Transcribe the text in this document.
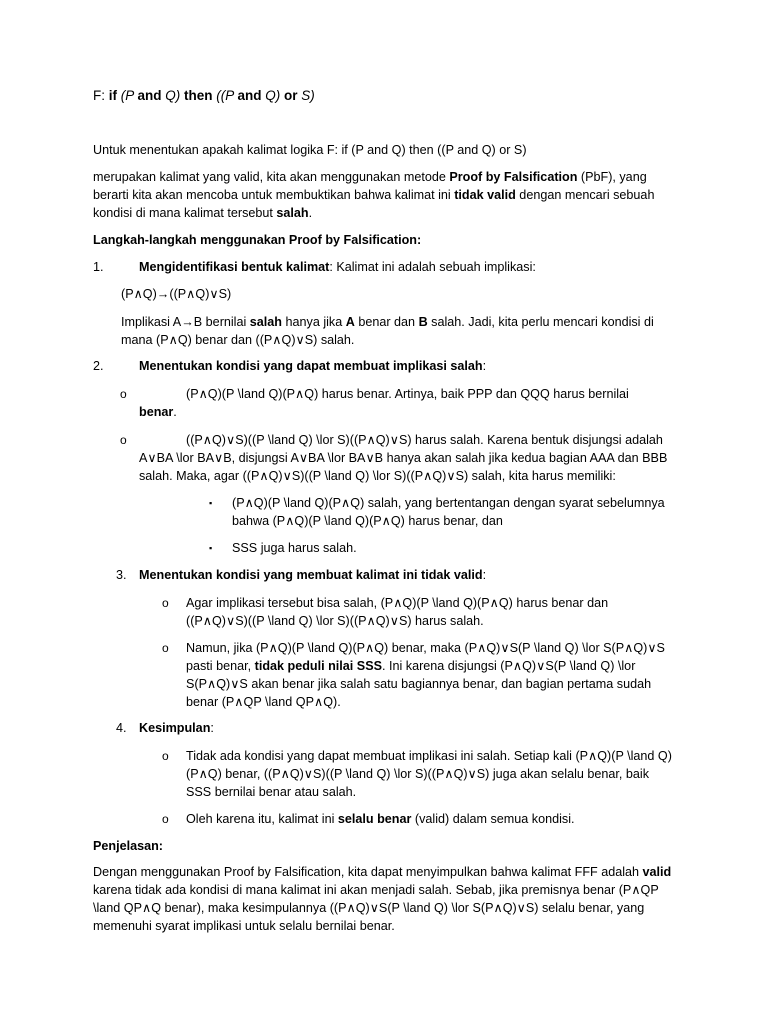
F: if (P and Q) then ((P and Q) or S)
Untuk menentukan apakah kalimat logika F: if (P and Q) then ((P and Q) or S)
merupakan kalimat yang valid, kita akan menggunakan metode Proof by Falsification (PbF), yang berarti kita akan mencoba untuk membuktikan bahwa kalimat ini tidak valid dengan mencari sebuah kondisi di mana kalimat tersebut salah.
Langkah-langkah menggunakan Proof by Falsification:
1.	Mengidentifikasi bentuk kalimat: Kalimat ini adalah sebuah implikasi:
(P∧Q)→((P∧Q)∨S)
Implikasi A→B bernilai salah hanya jika A benar dan B salah. Jadi, kita perlu mencari kondisi di mana (P∧Q) benar dan ((P∧Q)∨S) salah.
2.	Menentukan kondisi yang dapat membuat implikasi salah:
o	(P∧Q)(P \land Q)(P∧Q) harus benar. Artinya, baik PPP dan QQQ harus bernilai benar.
o	((P∧Q)∨S)((P \land Q) \lor S)((P∧Q)∨S) harus salah. Karena bentuk disjungsi adalah A∨BA \lor BA∨B, disjungsi A∨BA \lor BA∨B hanya akan salah jika kedua bagian AAA dan BBB salah. Maka, agar ((P∧Q)∨S)((P \land Q) \lor S)((P∧Q)∨S) salah, kita harus memiliki:
▪ (P∧Q)(P \land Q)(P∧Q) salah, yang bertentangan dengan syarat sebelumnya bahwa (P∧Q)(P \land Q)(P∧Q) harus benar, dan
▪ SSS juga harus salah.
3. Menentukan kondisi yang membuat kalimat ini tidak valid:
o Agar implikasi tersebut bisa salah, (P∧Q)(P \land Q)(P∧Q) harus benar dan ((P∧Q)∨S)((P \land Q) \lor S)((P∧Q)∨S) harus salah.
o Namun, jika (P∧Q)(P \land Q)(P∧Q) benar, maka (P∧Q)∨S(P \land Q) \lor S(P∧Q)∨S pasti benar, tidak peduli nilai SSS. Ini karena disjungsi (P∧Q)∨S(P \land Q) \lor S(P∧Q)∨S akan benar jika salah satu bagiannya benar, dan bagian pertama sudah benar (P∧QP \land QP∧Q).
4. Kesimpulan:
o Tidak ada kondisi yang dapat membuat implikasi ini salah. Setiap kali (P∧Q)(P \land Q)(P∧Q) benar, ((P∧Q)∨S)((P \land Q) \lor S)((P∧Q)∨S) juga akan selalu benar, baik SSS bernilai benar atau salah.
o Oleh karena itu, kalimat ini selalu benar (valid) dalam semua kondisi.
Penjelasan:
Dengan menggunakan Proof by Falsification, kita dapat menyimpulkan bahwa kalimat FFF adalah valid karena tidak ada kondisi di mana kalimat ini akan menjadi salah. Sebab, jika premisnya benar (P∧QP \land QP∧Q benar), maka kesimpulannya ((P∧Q)∨S(P \land Q) \lor S(P∧Q)∨S) selalu benar, yang memenuhi syarat implikasi untuk selalu bernilai benar.
